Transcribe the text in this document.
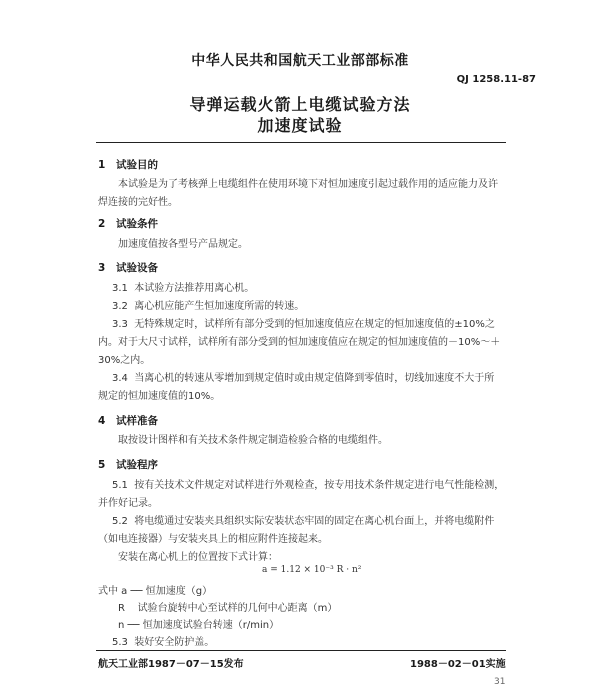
中华人民共和国航天工业部部标准
QJ 1258.11-87
导弹运载火箭上电缆试验方法
加速度试验
1 试验目的
本试验是为了考核弹上电缆组件在使用环境下对恒加速度引起过载作用的适应能力及许
焊连接的完好性。
2 试验条件
加速度值按各型号产品规定。
3 试验设备
3.1 本试验方法推荐用离心机。
3.2 离心机应能产生恒加速度所需的转速。
3.3 无特殊规定时，试样所有部分受到的恒加速度值应在规定的恒加速度值的±10%之
内。对于大尺寸试样，试样所有部分受到的恒加速度值应在规定的恒加速度值的－10%～＋
30%之内。
3.4 当离心机的转速从零增加到规定值时或由规定值降到零值时，切线加速度不大于所
规定的恒加速度值的10%。
4 试样准备
取按设计图样和有关技术条件规定制造检验合格的电缆组件。
5 试验程序
5.1 按有关技术文件规定对试样进行外观检查，按专用技术条件规定进行电气性能检测，
并作好记录。
5.2 将电缆通过安装夹具组织实际安装状态牢固的固定在离心机台面上，并将电缆附件
（如电连接器）与安装夹具上的相应附件连接起来。
安装在离心机上的位置按下式计算：
a = 1.12 × 10⁻³ R · n²
式中 a ── 恒加速度（g）
R 试验台旋转中心至试样的几何中心距离（m）
n ── 恒加速度试验台转速（r/min）
5.3 装好安全防护盖。
航天工业部1987－07－15发布	1988－02－01实施
31
